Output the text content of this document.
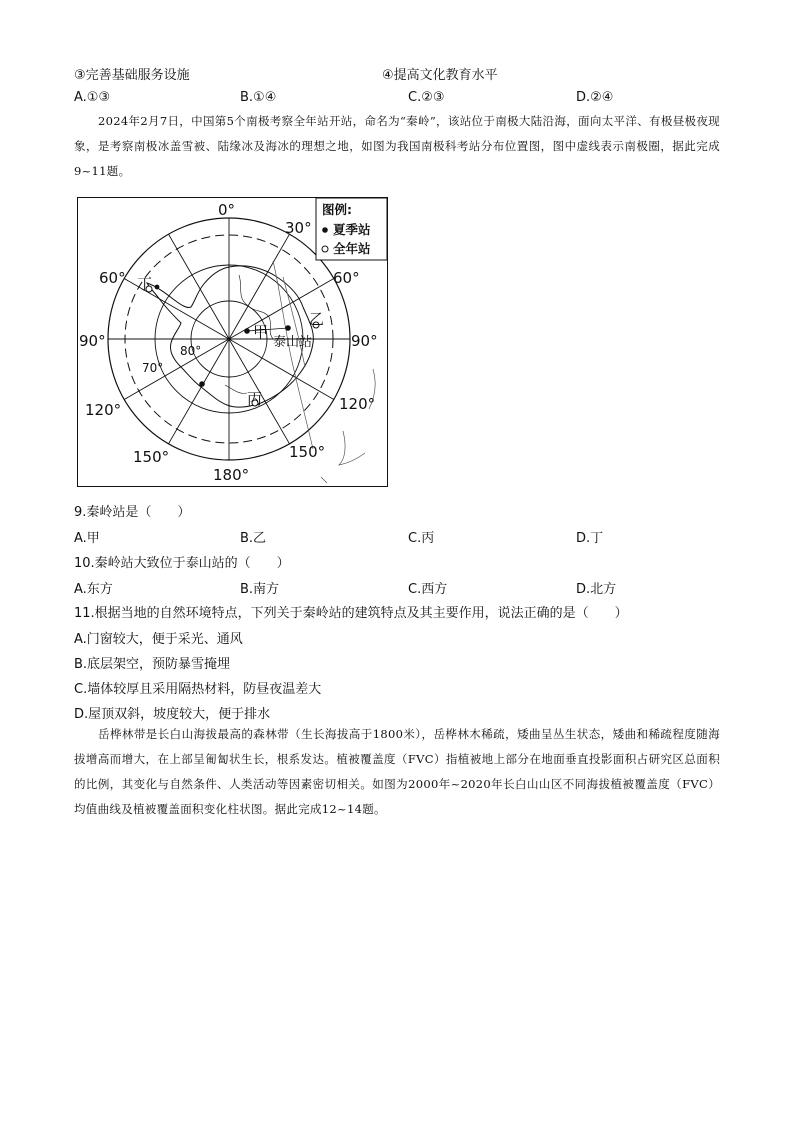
③完善基础服务设施	④提高文化教育水平
A.①③	B.①④	C.②③	D.②④

2024年2月7日，中国第5个南极考察全年站开站，命名为“秦岭”，该站位于南极大陆沿海，面向太平洋、有极昼极夜现象，是考察南极冰盖雪被、陆缘冰及海冰的理想之地，如图为我国南极科考站分布位置图，图中虚线表示南极圈，据此完成9~11题。

甲
乙
丙
丁
泰山站
80°
70°
0°
30°
60°	60°
90°	90°
120°	120°
150°	150°
180°
图例:
夏季站
全年站
9.秦岭站是（　　）
A.甲	B.乙	C.丙	D.丁
10.秦岭站大致位于泰山站的（　　）
A.东方	B.南方	C.西方	D.北方
11.根据当地的自然环境特点，下列关于秦岭站的建筑特点及其主要作用，说法正确的是（　　）
A.门窗较大，便于采光、通风
B.底层架空，预防暴雪掩埋
C.墙体较厚且采用隔热材料，防昼夜温差大
D.屋顶双斜，坡度较大，便于排水

岳桦林带是长白山海拔最高的森林带（生长海拔高于1800米），岳桦林木稀疏，矮曲呈丛生状态，矮曲和稀疏程度随海拔增高而增大，在上部呈匍匐状生长，根系发达。植被覆盖度（FVC）指植被地上部分在地面垂直投影面积占研究区总面积的比例，其变化与自然条件、人类活动等因素密切相关。如图为2000年~2020年长白山山区不同海拔植被覆盖度（FVC）均值曲线及植被覆盖面积变化柱状图。据此完成12~14题。
